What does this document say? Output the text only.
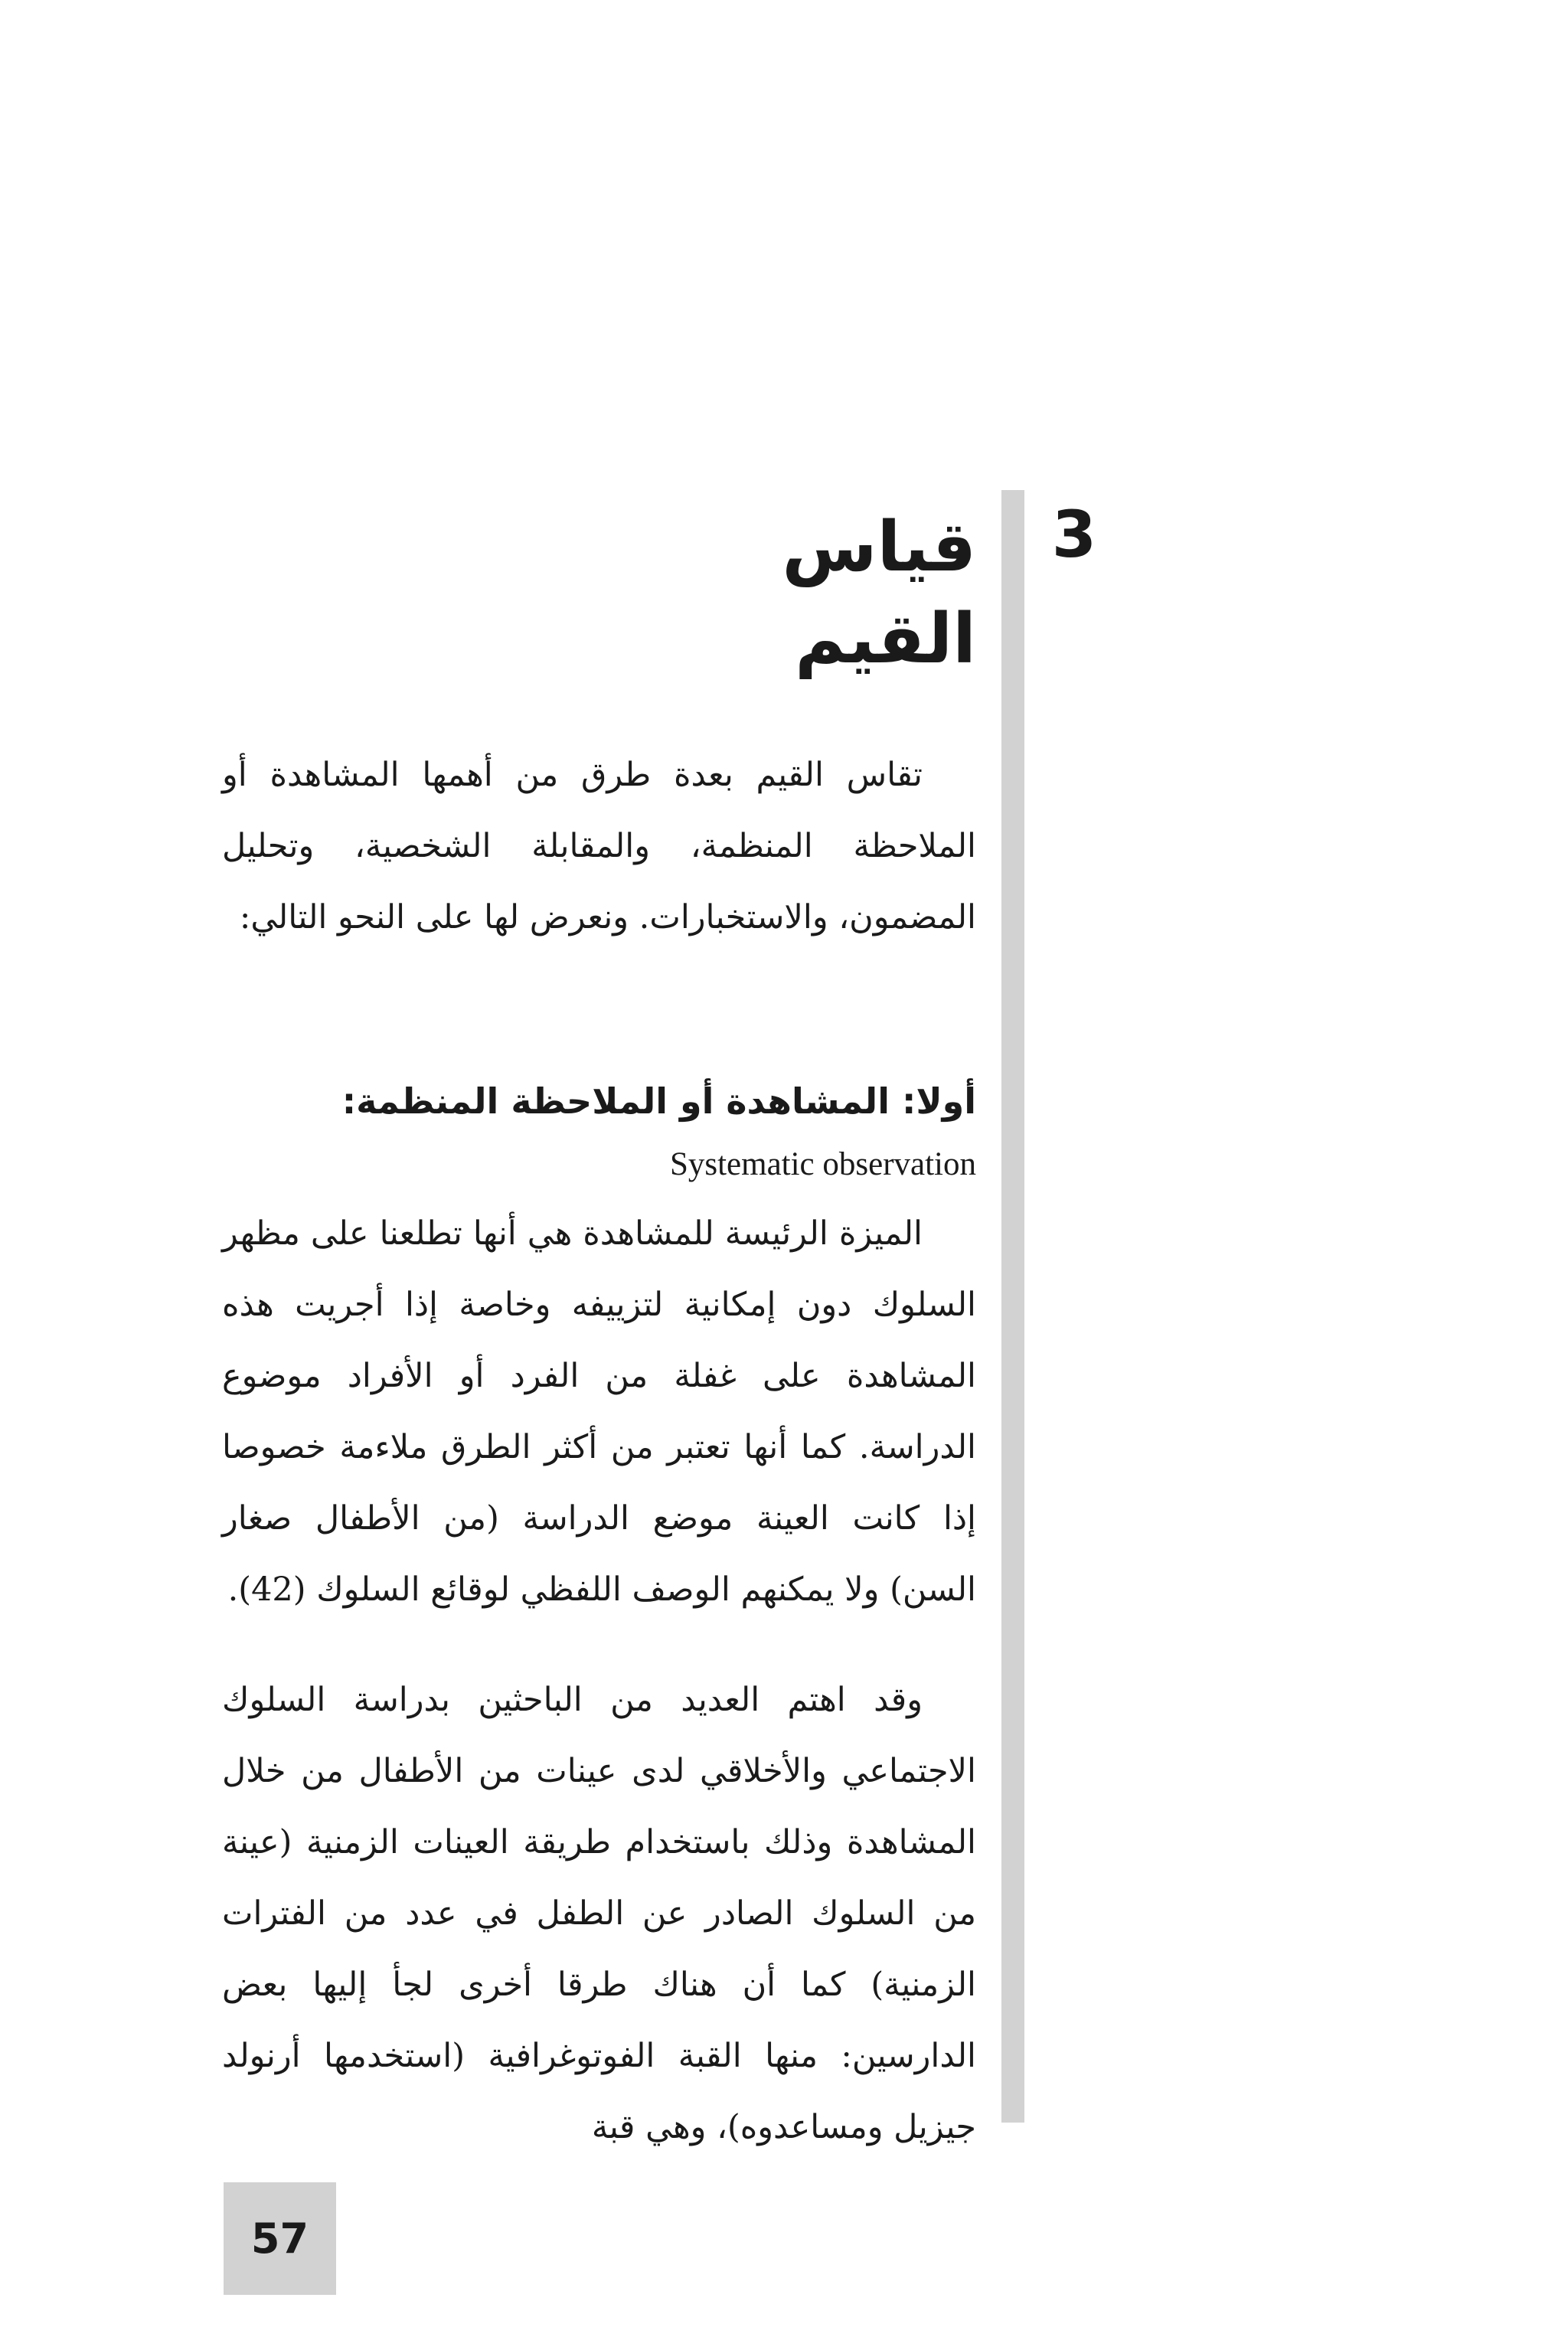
3
قياس القيم

تقاس القيم بعدة طرق من أهمها المشاهدة أو الملاحظة المنظمة، والمقابلة الشخصية، وتحليل المضمون، والاستخبارات. ونعرض لها على النحو التالي:

أولا: المشاهدة أو الملاحظة المنظمة:
Systematic observation

الميزة الرئيسة للمشاهدة هي أنها تطلعنا على مظهر السلوك دون إمكانية لتزييفه وخاصة إذا أجريت هذه المشاهدة على غفلة من الفرد أو الأفراد موضوع الدراسة. كما أنها تعتبر من أكثر الطرق ملاءمة خصوصا إذا كانت العينة موضع الدراسة (من الأطفال صغار السن) ولا يمكنهم الوصف اللفظي لوقائع السلوك (42).

وقد اهتم العديد من الباحثين بدراسة السلوك الاجتماعي والأخلاقي لدى عينات من الأطفال من خلال المشاهدة وذلك باستخدام طريقة العينات الزمنية (عينة من السلوك الصادر عن الطفل في عدد من الفترات الزمنية) كما أن هناك طرقا أخرى لجأ إليها بعض الدارسين: منها القبة الفوتوغرافية (استخدمها أرنولد جيزيل ومساعدوه)، وهي قبة

57
